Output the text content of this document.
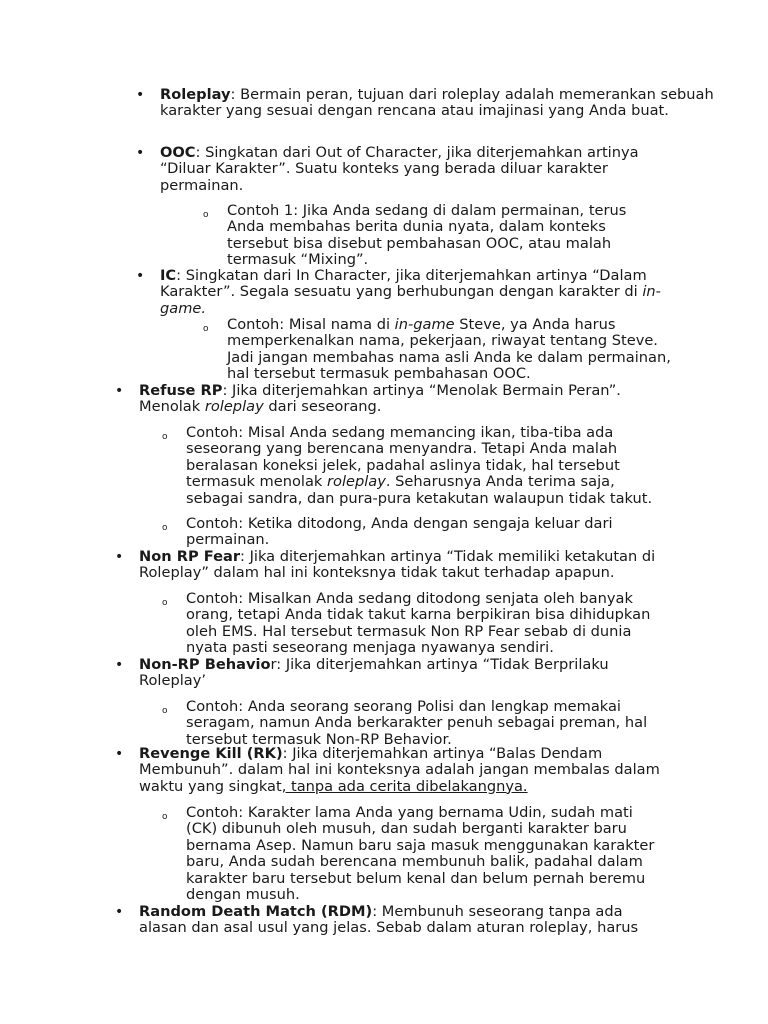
• Roleplay: Bermain peran, tujuan dari roleplay adalah memerankan sebuah karakter yang sesuai dengan rencana atau imajinasi yang Anda buat.
• OOC: Singkatan dari Out of Character, jika diterjemahkan artinya “Diluar Karakter”. Suatu konteks yang berada diluar karakter permainan.
o Contoh 1: Jika Anda sedang di dalam permainan, terus Anda membahas berita dunia nyata, dalam konteks tersebut bisa disebut pembahasan OOC, atau malah termasuk “Mixing”.
• IC: Singkatan dari In Character, jika diterjemahkan artinya “Dalam Karakter”. Segala sesuatu yang berhubungan dengan karakter di in-game.
o Contoh: Misal nama di in-game Steve, ya Anda harus memperkenalkan nama, pekerjaan, riwayat tentang Steve. Jadi jangan membahas nama asli Anda ke dalam permainan, hal tersebut termasuk pembahasan OOC.
• Refuse RP: Jika diterjemahkan artinya “Menolak Bermain Peran”. Menolak roleplay dari seseorang.
o Contoh: Misal Anda sedang memancing ikan, tiba-tiba ada seseorang yang berencana menyandra. Tetapi Anda malah beralasan koneksi jelek, padahal aslinya tidak, hal tersebut termasuk menolak roleplay. Seharusnya Anda terima saja, sebagai sandra, dan pura-pura ketakutan walaupun tidak takut.
o Contoh: Ketika ditodong, Anda dengan sengaja keluar dari permainan.
• Non RP Fear: Jika diterjemahkan artinya “Tidak memiliki ketakutan di Roleplay” dalam hal ini konteksnya tidak takut terhadap apapun.
o Contoh: Misalkan Anda sedang ditodong senjata oleh banyak orang, tetapi Anda tidak takut karna berpikiran bisa dihidupkan oleh EMS. Hal tersebut termasuk Non RP Fear sebab di dunia nyata pasti seseorang menjaga nyawanya sendiri.
• Non-RP Behavior: Jika diterjemahkan artinya “Tidak Berprilaku Roleplay’
o Contoh: Anda seorang seorang Polisi dan lengkap memakai seragam, namun Anda berkarakter penuh sebagai preman, hal tersebut termasuk Non-RP Behavior.
• Revenge Kill (RK): Jika diterjemahkan artinya “Balas Dendam Membunuh”. dalam hal ini konteksnya adalah jangan membalas dalam waktu yang singkat, tanpa ada cerita dibelakangnya.
o Contoh: Karakter lama Anda yang bernama Udin, sudah mati (CK) dibunuh oleh musuh, dan sudah berganti karakter baru bernama Asep. Namun baru saja masuk menggunakan karakter baru, Anda sudah berencana membunuh balik, padahal dalam karakter baru tersebut belum kenal dan belum pernah beremu dengan musuh.
• Random Death Match (RDM): Membunuh seseorang tanpa ada alasan dan asal usul yang jelas. Sebab dalam aturan roleplay, harus
